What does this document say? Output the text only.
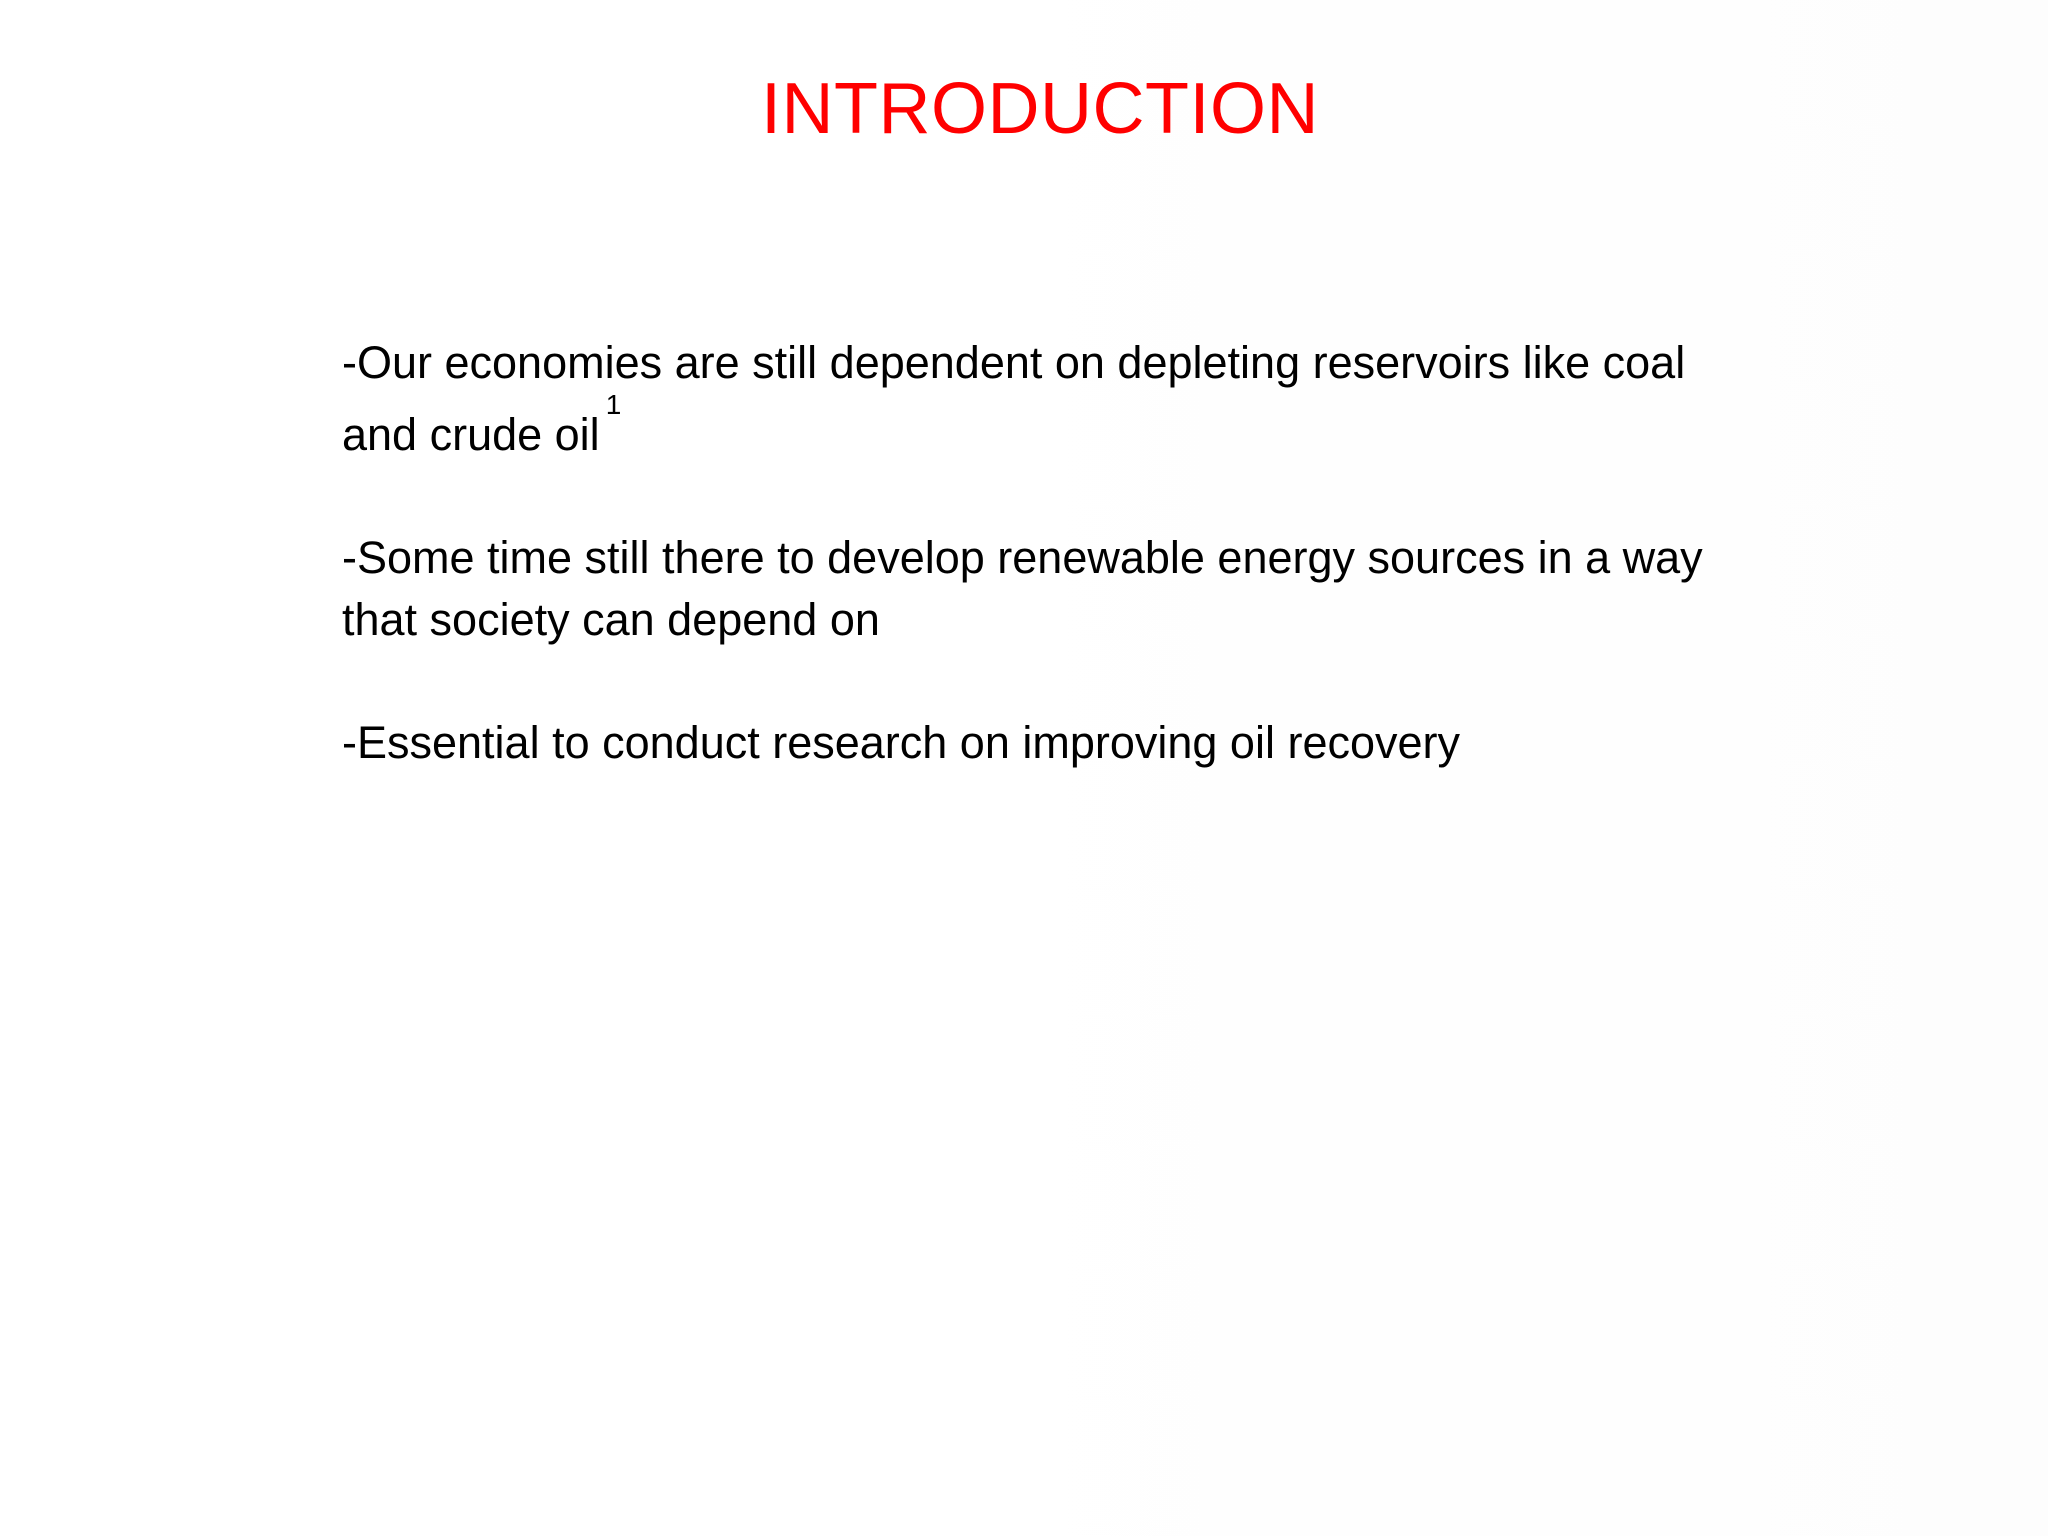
INTRODUCTION

-Our economies are still dependent on depleting reservoirs like coal
and crude oil$^1$

-Some time still there to develop renewable energy sources in a way
that society can depend on

-Essential to conduct research on improving oil recovery
